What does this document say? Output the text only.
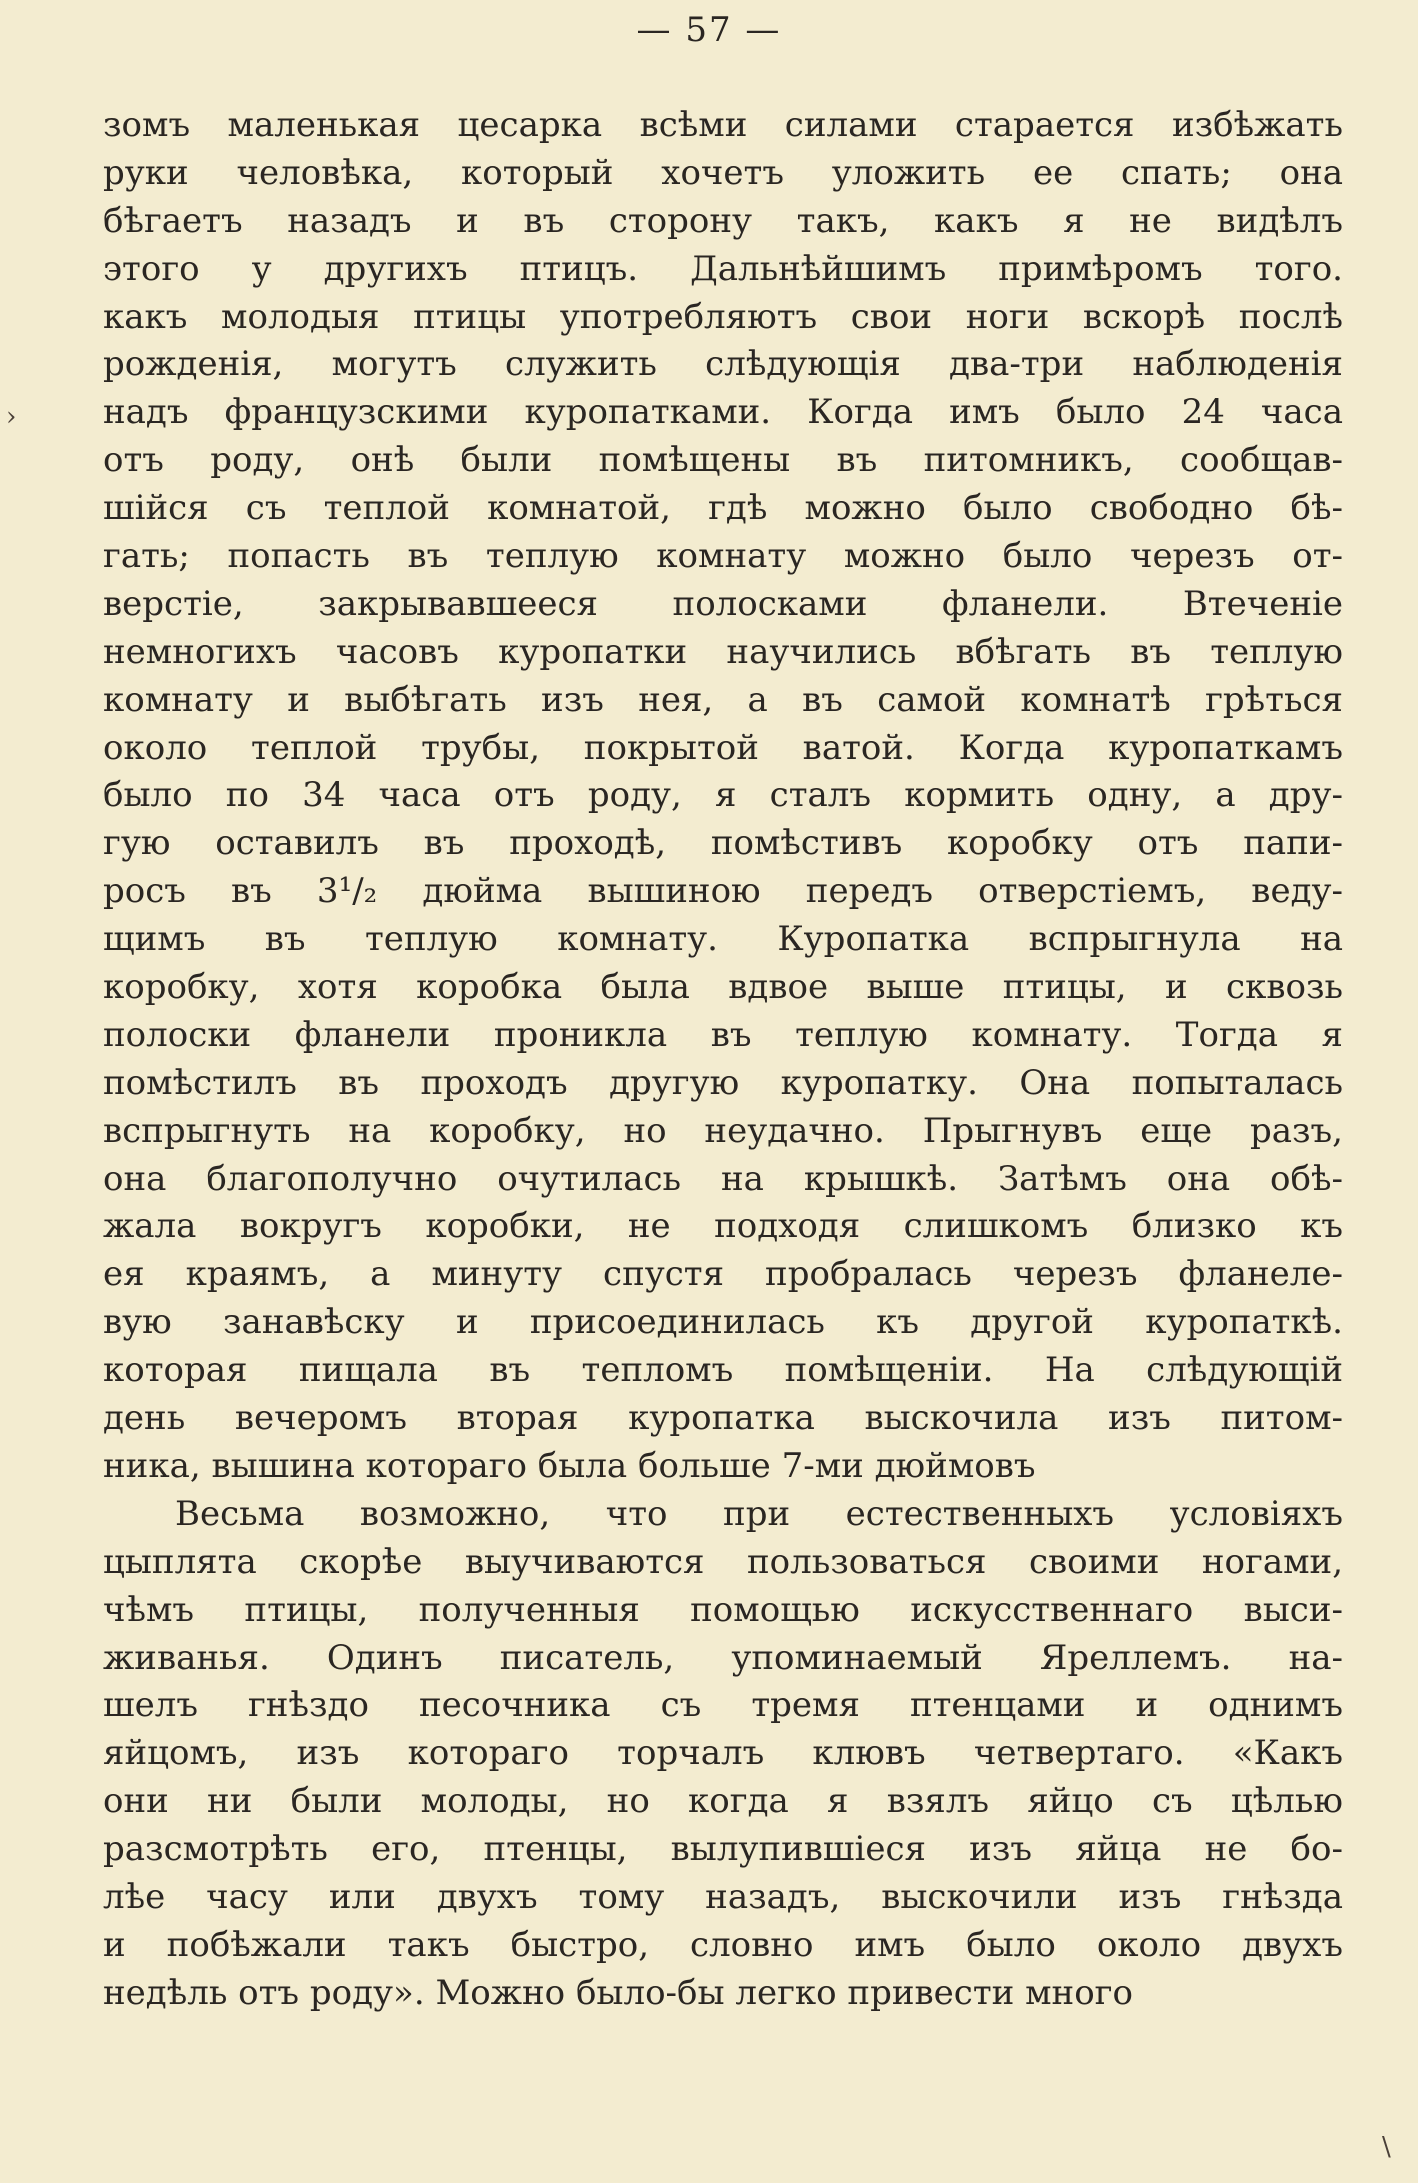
— 57 —
зомъ маленькая цесарка всѣми силами старается избѣжать
руки человѣка, который хочетъ уложить ее спать; она
бѣгаетъ назадъ и въ сторону такъ, какъ я не видѣлъ
этого у другихъ птицъ. Дальнѣйшимъ примѣромъ того.
какъ молодыя птицы употребляютъ свои ноги вскорѣ послѣ
рожденія, могутъ служить слѣдующія два-три наблюденія
надъ французскими куропатками. Когда имъ было 24 часа
отъ роду, онѣ были помѣщены въ питомникъ, сообщав-
шійся съ теплой комнатой, гдѣ можно было свободно бѣ-
гать; попасть въ теплую комнату можно было черезъ от-
верстіе, закрывавшееся полосками фланели. Втеченіе
немногихъ часовъ куропатки научились вбѣгать въ теплую
комнату и выбѣгать изъ нея, а въ самой комнатѣ грѣться
около теплой трубы, покрытой ватой. Когда куропаткамъ
было по 34 часа отъ роду, я сталъ кормить одну, а дру-
гую оставилъ въ проходѣ, помѣстивъ коробку отъ папи-
росъ въ 3¹/₂ дюйма вышиною передъ отверстіемъ, веду-
щимъ въ теплую комнату. Куропатка вспрыгнула на
коробку, хотя коробка была вдвое выше птицы, и сквозь
полоски фланели проникла въ теплую комнату. Тогда я
помѣстилъ въ проходъ другую куропатку. Она попыталась
вспрыгнуть на коробку, но неудачно. Прыгнувъ еще разъ,
она благополучно очутилась на крышкѣ. Затѣмъ она обѣ-
жала вокругъ коробки, не подходя слишкомъ близко къ
ея краямъ, а минуту спустя пробралась черезъ фланеле-
вую занавѣску и присоединилась къ другой куропаткѣ.
которая пищала въ тепломъ помѣщеніи. На слѣдующій
день вечеромъ вторая куропатка выскочила изъ питом-
ника, вышина котораго была больше 7-ми дюймовъ
Весьма возможно, что при естественныхъ условіяхъ
цыплята скорѣе выучиваются пользоваться своими ногами,
чѣмъ птицы, полученныя помощью искусственнаго выси-
живанья. Одинъ писатель, упоминаемый Яреллемъ. на-
шелъ гнѣздо песочника съ тремя птенцами и однимъ
яйцомъ, изъ котораго торчалъ клювъ четвертаго. «Какъ
они ни были молоды, но когда я взялъ яйцо съ цѣлью
разсмотрѣть его, птенцы, вылупившіеся изъ яйца не бо-
лѣе часу или двухъ тому назадъ, выскочили изъ гнѣзда
и побѣжали такъ быстро, словно имъ было около двухъ
недѣль отъ роду». Можно было-бы легко привести много
›
\
